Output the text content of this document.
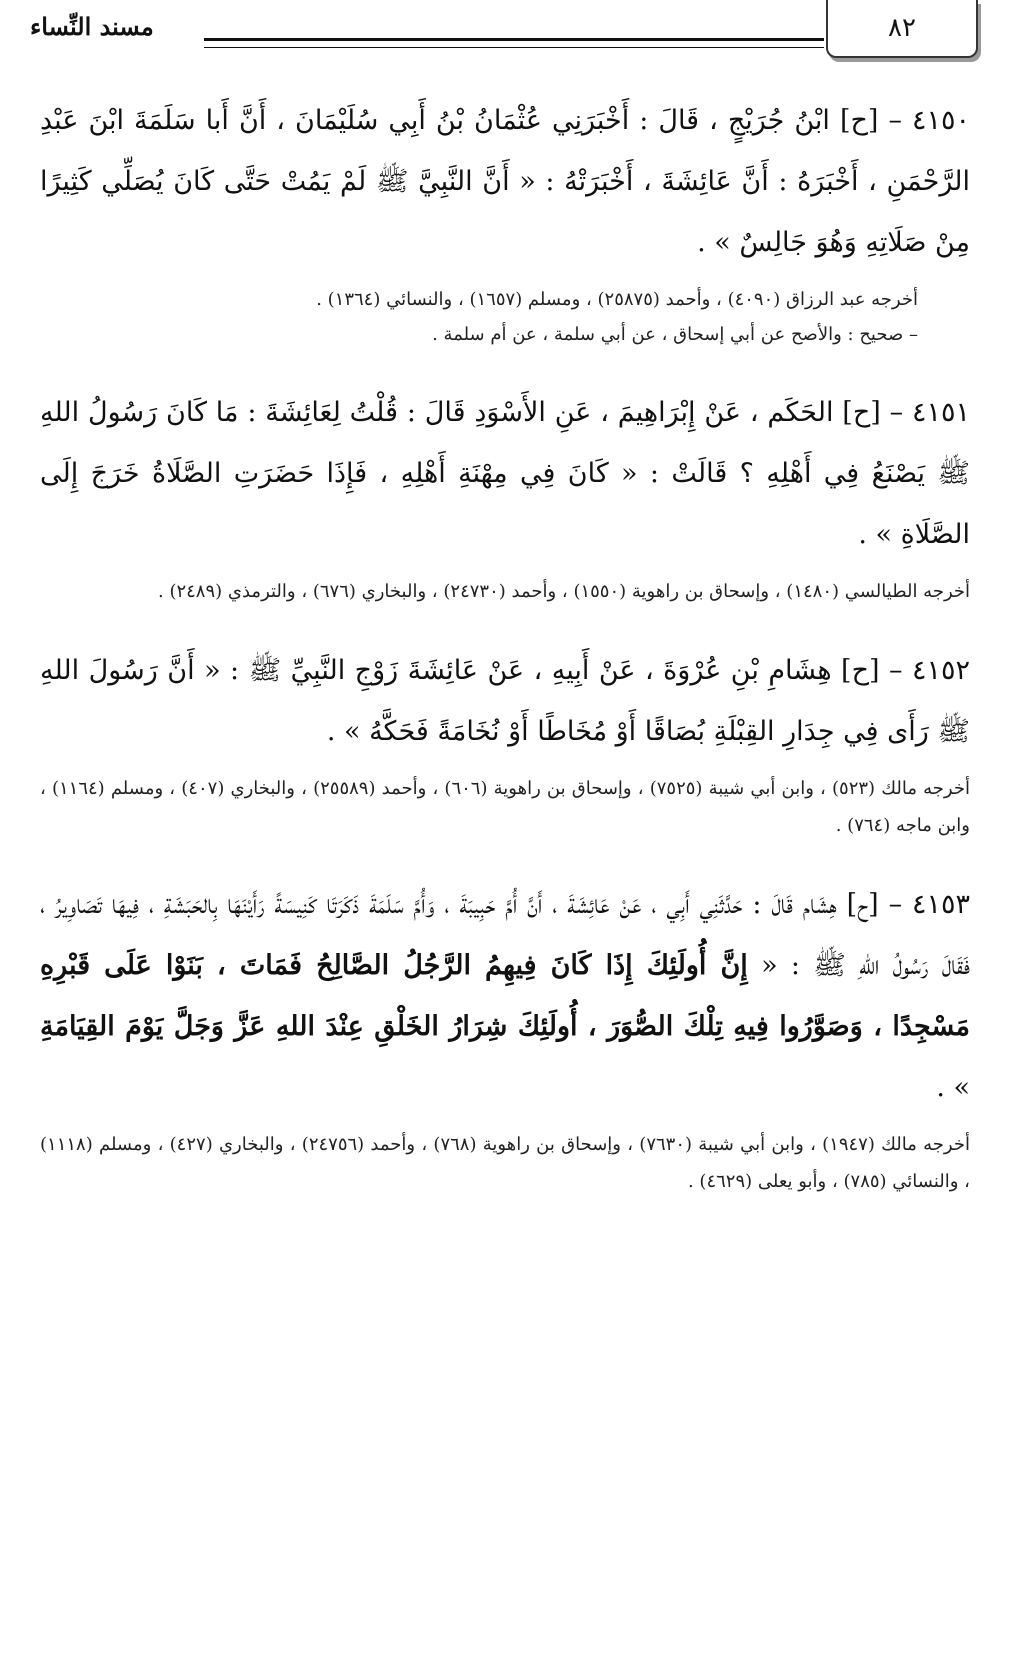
٨٢
مسند النِّساء

٤١٥٠ – [ح] ابْنُ جُرَيْجٍ ، قَالَ : أَخْبَرَنِي عُثْمَانُ بْنُ أَبِي سُلَيْمَانَ ، أَنَّ أَبا سَلَمَةَ ابْنَ عَبْدِ الرَّحْمَنِ ، أَخْبَرَهُ : أَنَّ عَائِشَةَ ، أَخْبَرَتْهُ : « أَنَّ النَّبِيَّ ﷺ لَمْ يَمُتْ حَتَّى كَانَ يُصَلِّي كَثِيرًا مِنْ صَلَاتِهِ وَهُوَ جَالِسٌ » .

أخرجه عبد الرزاق (٤٠٩٠) ، وأحمد (٢٥٨٧٥) ، ومسلم (١٦٥٧) ، والنسائي (١٣٦٤) .

– صحيح : والأصح عن أبي إسحاق ، عن أبي سلمة ، عن أم سلمة .

٤١٥١ – [ح] الحَكَم ، عَنْ إِبْرَاهِيمَ ، عَنِ الأَسْوَدِ قَالَ : قُلْتُ لِعَائِشَةَ : مَا كَانَ رَسُولُ اللهِ ﷺ يَصْنَعُ فِي أَهْلِهِ ؟ قَالَتْ : « كَانَ فِي مِهْنَةِ أَهْلِهِ ، فَإِذَا حَضَرَتِ الصَّلَاةُ خَرَجَ إِلَى الصَّلَاةِ » .

أخرجه الطيالسي (١٤٨٠) ، وإسحاق بن راهوية (١٥٥٠) ، وأحمد (٢٤٧٣٠) ، والبخاري (٦٧٦) ، والترمذي (٢٤٨٩) .

٤١٥٢ – [ح] هِشَامِ بْنِ عُرْوَةَ ، عَنْ أَبِيهِ ، عَنْ عَائِشَةَ زَوْجِ النَّبِيِّ ﷺ : « أَنَّ رَسُولَ اللهِ ﷺ رَأَى فِي جِدَارِ القِبْلَةِ بُصَاقًا أَوْ مُخَاطًا أَوْ نُخَامَةً فَحَكَّهُ » .

أخرجه مالك (٥٢٣) ، وابن أبي شيبة (٧٥٢٥) ، وإسحاق بن راهوية (٦٠٦) ، وأحمد (٢٥٥٨٩) ، والبخاري (٤٠٧) ، ومسلم (١١٦٤) ، وابن ماجه (٧٦٤) .

٤١٥٣ – [ح] هِشَام قَالَ : حَدَّثَنِي أَبِي ، عَنْ عَائِشَةَ ، أَنَّ أُمَّ حَبِيبَةَ ، وَأُمَّ سَلَمَةَ ذَكَرَتَا كَنِيسَةً رَأَيْنَهَا بِالحَبَشَةِ ، فِيهَا تَصَاوِيرُ ، فَقَالَ رَسُولُ اللهِ ﷺ : « إِنَّ أُولَئِكَ إِذَا كَانَ فِيهِمُ الرَّجُلُ الصَّالِحُ فَمَاتَ ، بَنَوْا عَلَى قَبْرِهِ مَسْجِدًا ، وَصَوَّرُوا فِيهِ تِلْكَ الصُّوَرَ ، أُولَئِكَ شِرَارُ الخَلْقِ عِنْدَ اللهِ عَزَّ وَجَلَّ يَوْمَ القِيَامَةِ » .

أخرجه مالك (١٩٤٧) ، وابن أبي شيبة (٧٦٣٠) ، وإسحاق بن راهوية (٧٦٨) ، وأحمد (٢٤٧٥٦) ، والبخاري (٤٢٧) ، ومسلم (١١١٨) ، والنسائي (٧٨٥) ، وأبو يعلى (٤٦٢٩) .
